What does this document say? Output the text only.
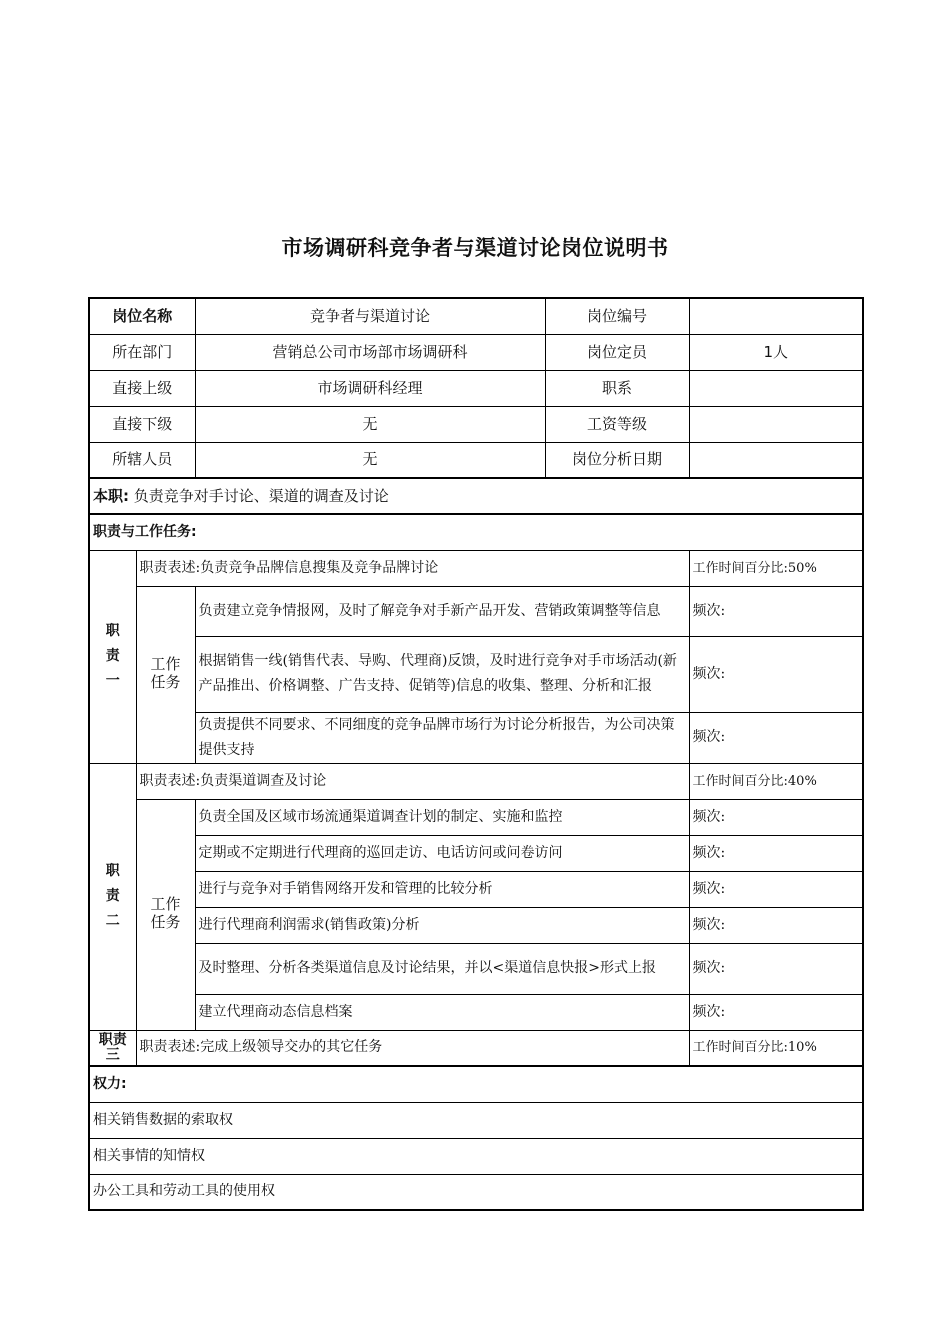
市场调研科竞争者与渠道讨论岗位说明书
岗位名称		竞争者与渠道讨论	岗位编号	
所在部门		营销总公司市场部市场调研科	岗位定员	1人
直接上级		市场调研科经理	职系	
直接下级		无	工资等级	
所辖人员		无	岗位分析日期	
本职: 负责竞争对手讨论、渠道的调查及讨论				
职责与工作任务:				
职责一	职责表述:负责竞争品牌信息搜集及竞争品牌讨论			工作时间百分比:50%
	工作任务	负责建立竞争情报网，及时了解竞争对手新产品开发、营销政策调整等信息		频次:
		根据销售一线(销售代表、导购、代理商)反馈，及时进行竞争对手市场活动(新产品推出、价格调整、广告支持、促销等)信息的收集、整理、分析和汇报		频次:
		负责提供不同要求、不同细度的竞争品牌市场行为讨论分析报告，为公司决策提供支持		频次:
职责二	职责表述:负责渠道调查及讨论			工作时间百分比:40%
	工作任务	负责全国及区域市场流通渠道调查计划的制定、实施和监控		频次:
		定期或不定期进行代理商的巡回走访、电话访问或问卷访问		频次:
		进行与竞争对手销售网络开发和管理的比较分析		频次:
		进行代理商利润需求(销售政策)分析		频次:
		及时整理、分析各类渠道信息及讨论结果，并以<渠道信息快报>形式上报		频次:
		建立代理商动态信息档案		频次:
职责三	职责表述:完成上级领导交办的其它任务			工作时间百分比:10%
权力:				
相关销售数据的索取权				
相关事情的知情权				
办公工具和劳动工具的使用权				
